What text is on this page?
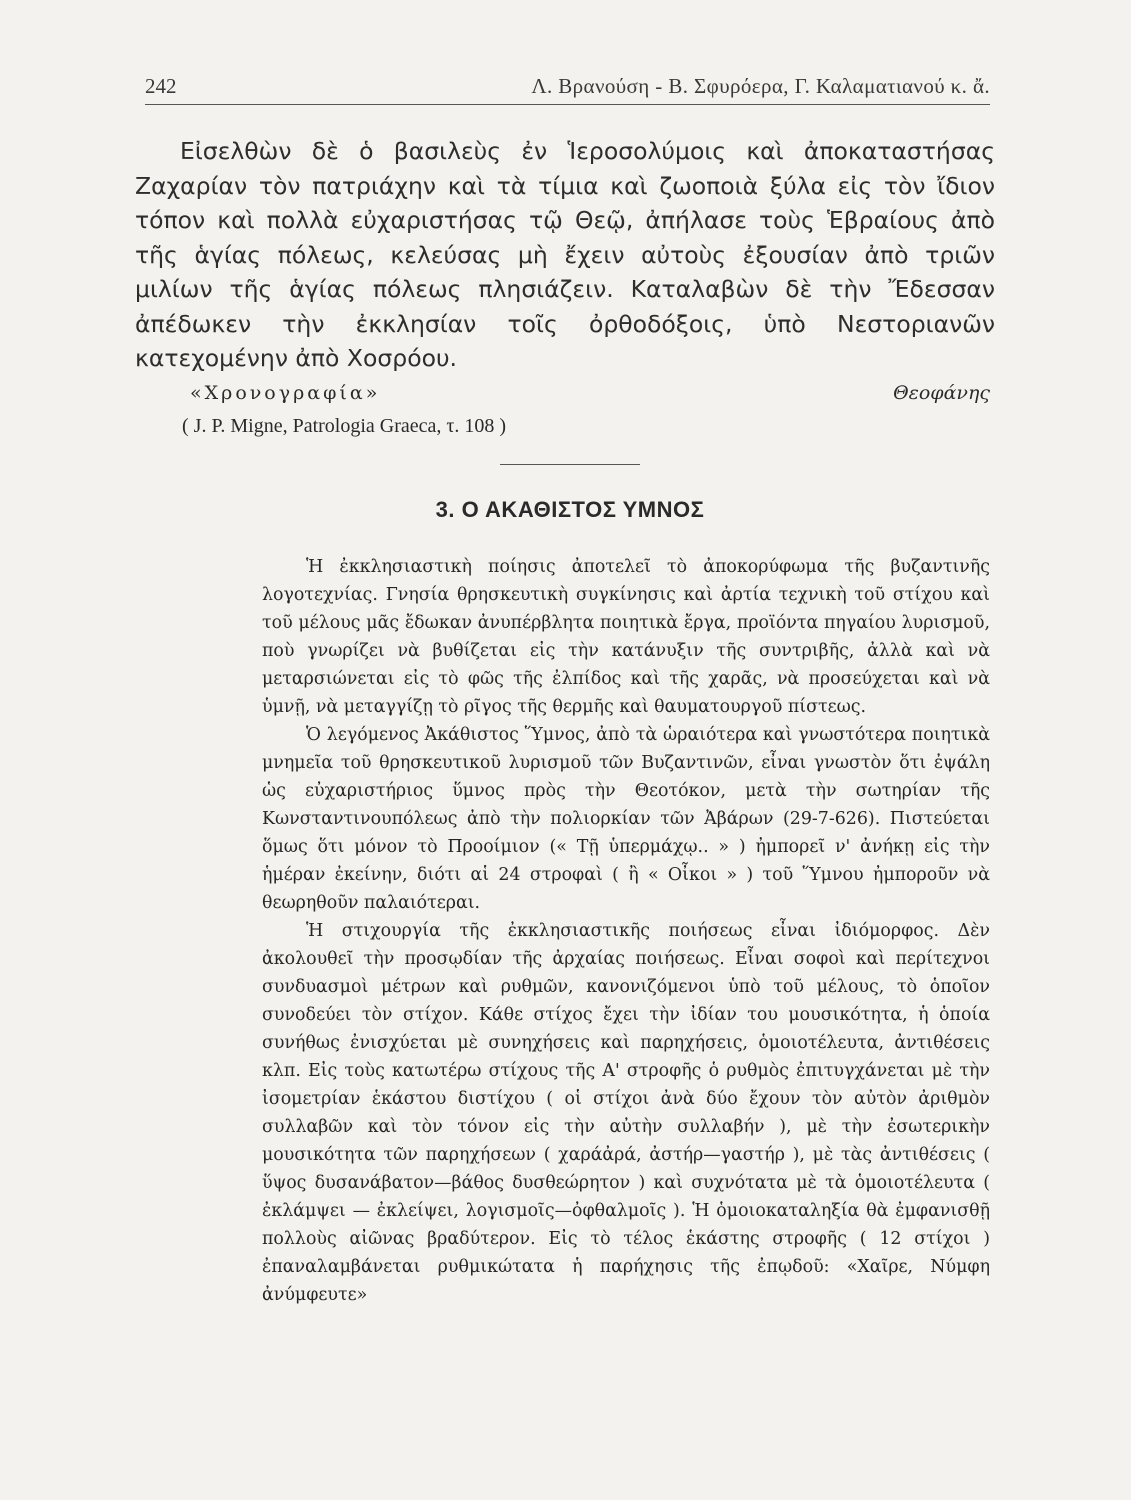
242	Λ. Βρανούση - Β. Σφυρόερα, Γ. Καλαματιανού κ. ἄ.

Εἰσελθὼν δὲ ὁ βασιλεὺς ἐν Ἱεροσολύμοις καὶ ἀποκαταστήσας Ζαχαρίαν τὸν πατριάχην καὶ τὰ τίμια καὶ ζωοποιὰ ξύλα εἰς τὸν ἴδιον τόπον καὶ πολλὰ εὐχαριστήσας τῷ Θεῷ, ἀπήλασε τοὺς Ἑβραίους ἀπὸ τῆς ἁγίας πόλεως, κελεύσας μὴ ἔχειν αὐτοὺς ἐξουσίαν ἀπὸ τριῶν μιλίων τῆς ἁγίας πόλεως πλησιάζειν. Καταλαβὼν δὲ τὴν Ἔδεσσαν ἀπέδωκεν τὴν ἐκκλησίαν τοῖς ὀρθοδόξοις, ὑπὸ Νεστοριανῶν κατεχομένην ἀπὸ Χοσρόου.

«Χρονογραφία»	Θεοφάνης
( J. P. Migne, Patrologia Graeca, τ. 108 )
3. Ο ΑΚΑΘΙΣΤΟΣ ΥΜΝΟΣ

Ἡ ἐκκλησιαστικὴ ποίησις ἀποτελεῖ τὸ ἀποκορύφωμα τῆς βυζαντινῆς λογοτεχνίας. Γνησία θρησκευτικὴ συγκίνησις καὶ ἀρτία τεχνικὴ τοῦ στίχου καὶ τοῦ μέλους μᾶς ἔδωκαν ἀνυπέρβλητα ποιητικὰ ἔργα, προϊόντα πηγαίου λυρισμοῦ, ποὺ γνωρίζει νὰ βυθίζεται εἰς τὴν κατάνυξιν τῆς συντριβῆς, ἀλλὰ καὶ νὰ μεταρσιώνεται εἰς τὸ φῶς τῆς ἐλπίδος καὶ τῆς χαρᾶς, νὰ προσεύχεται καὶ νὰ ὑμνῇ, νὰ μεταγγίζῃ τὸ ρῖγος τῆς θερμῆς καὶ θαυματουργοῦ πίστεως.

Ὁ λεγόμενος Ἀκάθιστος Ὕμνος, ἀπὸ τὰ ὡραιότερα καὶ γνωστότερα ποιητικὰ μνημεῖα τοῦ θρησκευτικοῦ λυρισμοῦ τῶν Βυζαντινῶν, εἶναι γνωστὸν ὅτι ἐψάλη ὡς εὐχαριστήριος ὕμνος πρὸς τὴν Θεοτόκον, μετὰ τὴν σωτηρίαν τῆς Κωνσταντινουπόλεως ἀπὸ τὴν πολιορκίαν τῶν Ἀβάρων (29-7-626). Πιστεύεται ὅμως ὅτι μόνον τὸ Προοίμιον (« Τῇ ὑπερμάχῳ.. » ) ἠμπορεῖ ν' ἀνήκῃ εἰς τὴν ἡμέραν ἐκείνην, διότι αἱ 24 στροφαὶ ( ἢ « Οἶκοι » ) τοῦ Ὕμνου ἠμποροῦν νὰ θεωρηθοῦν παλαιότεραι.

Ἡ στιχουργία τῆς ἐκκλησιαστικῆς ποιήσεως εἶναι ἰδιόμορφος. Δὲν ἀκολουθεῖ τὴν προσῳδίαν τῆς ἀρχαίας ποιήσεως. Εἶναι σοφοὶ καὶ περίτεχνοι συνδυασμοὶ μέτρων καὶ ρυθμῶν, κανονιζόμενοι ὑπὸ τοῦ μέλους, τὸ ὁποῖον συνοδεύει τὸν στίχον. Κάθε στίχος ἔχει τὴν ἰδίαν του μουσικότητα, ἡ ὁποία συνήθως ἐνισχύεται μὲ συνηχήσεις καὶ παρηχήσεις, ὁμοιοτέλευτα, ἀντιθέσεις κλπ. Εἰς τοὺς κατωτέρω στίχους τῆς Α' στροφῆς ὁ ρυθμὸς ἐπιτυγχάνεται μὲ τὴν ἰσομετρίαν ἑκάστου διστίχου ( οἱ στίχοι ἀνὰ δύο ἔχουν τὸν αὐτὸν ἀριθμὸν συλλαβῶν καὶ τὸν τόνον εἰς τὴν αὐτὴν συλλαβήν ), μὲ τὴν ἐσωτερικὴν μουσικότητα τῶν παρηχήσεων ( χαράἀρά, ἀστήρ—γαστήρ ), μὲ τὰς ἀντιθέσεις ( ὕψος δυσανάβατον—βάθος δυσθεώρητον ) καὶ συχνότατα μὲ τὰ ὁμοιοτέλευτα ( ἐκλάμψει — ἐκλείψει, λογισμοῖς—ὀφθαλμοῖς ). Ἡ ὁμοιοκαταληξία θὰ ἐμφανισθῇ πολλοὺς αἰῶνας βραδύτερον. Εἰς τὸ τέλος ἑκάστης στροφῆς ( 12 στίχοι ) ἐπαναλαμβάνεται ρυθμικώτατα ἡ παρήχησις τῆς ἐπῳδοῦ: «Χαῖρε, Νύμφη ἀνύμφευτε»
